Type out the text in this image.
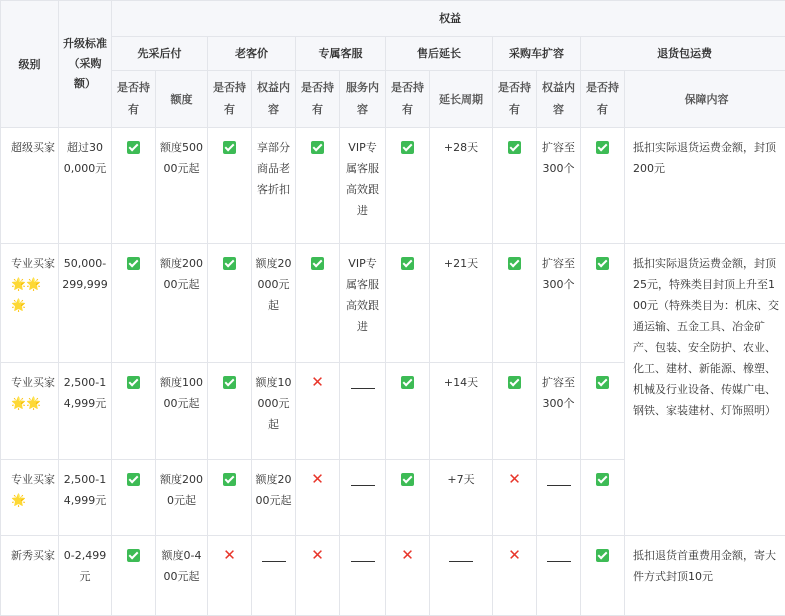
级别	升级标准（采购额）	权益											
		先采后付		老客价		专属客服		售后延长		采购车扩容		退货包运费	
		是否持有	额度	是否持有	权益内容	是否持有	服务内容	是否持有	延长周期	是否持有	权益内容	是否持有	保障内容
超级买家	超过300,000元		额度50000元起		享部分商品老客折扣		VIP专属客服高效跟进		+28天		扩容至300个		抵扣实际退货运费金额，封顶200元
专业买家🌟🌟🌟	50,000-299,999		额度20000元起		额度20000元起		VIP专属客服高效跟进		+21天		扩容至300个		抵扣实际退货运费金额，封顶25元，特殊类目封顶上升至100元（特殊类目为：机床、交通运输、五金工具、冶金矿产、包装、安全防护、农业、化工、建材、新能源、橡塑、机械及行业设备、传媒广电、钢铁、家装建材、灯饰照明）
专业买家🌟🌟	2,500-14,999元		额度10000元起		额度10000元起	✕			+14天		扩容至300个		
专业买家🌟	2,500-14,999元		额度2000元起		额度2000元起	✕			+7天	✕			
新秀买家	0-2,499元		额度0-400元起	✕		✕		✕		✕			抵扣退货首重费用金额，寄大件方式封顶10元
